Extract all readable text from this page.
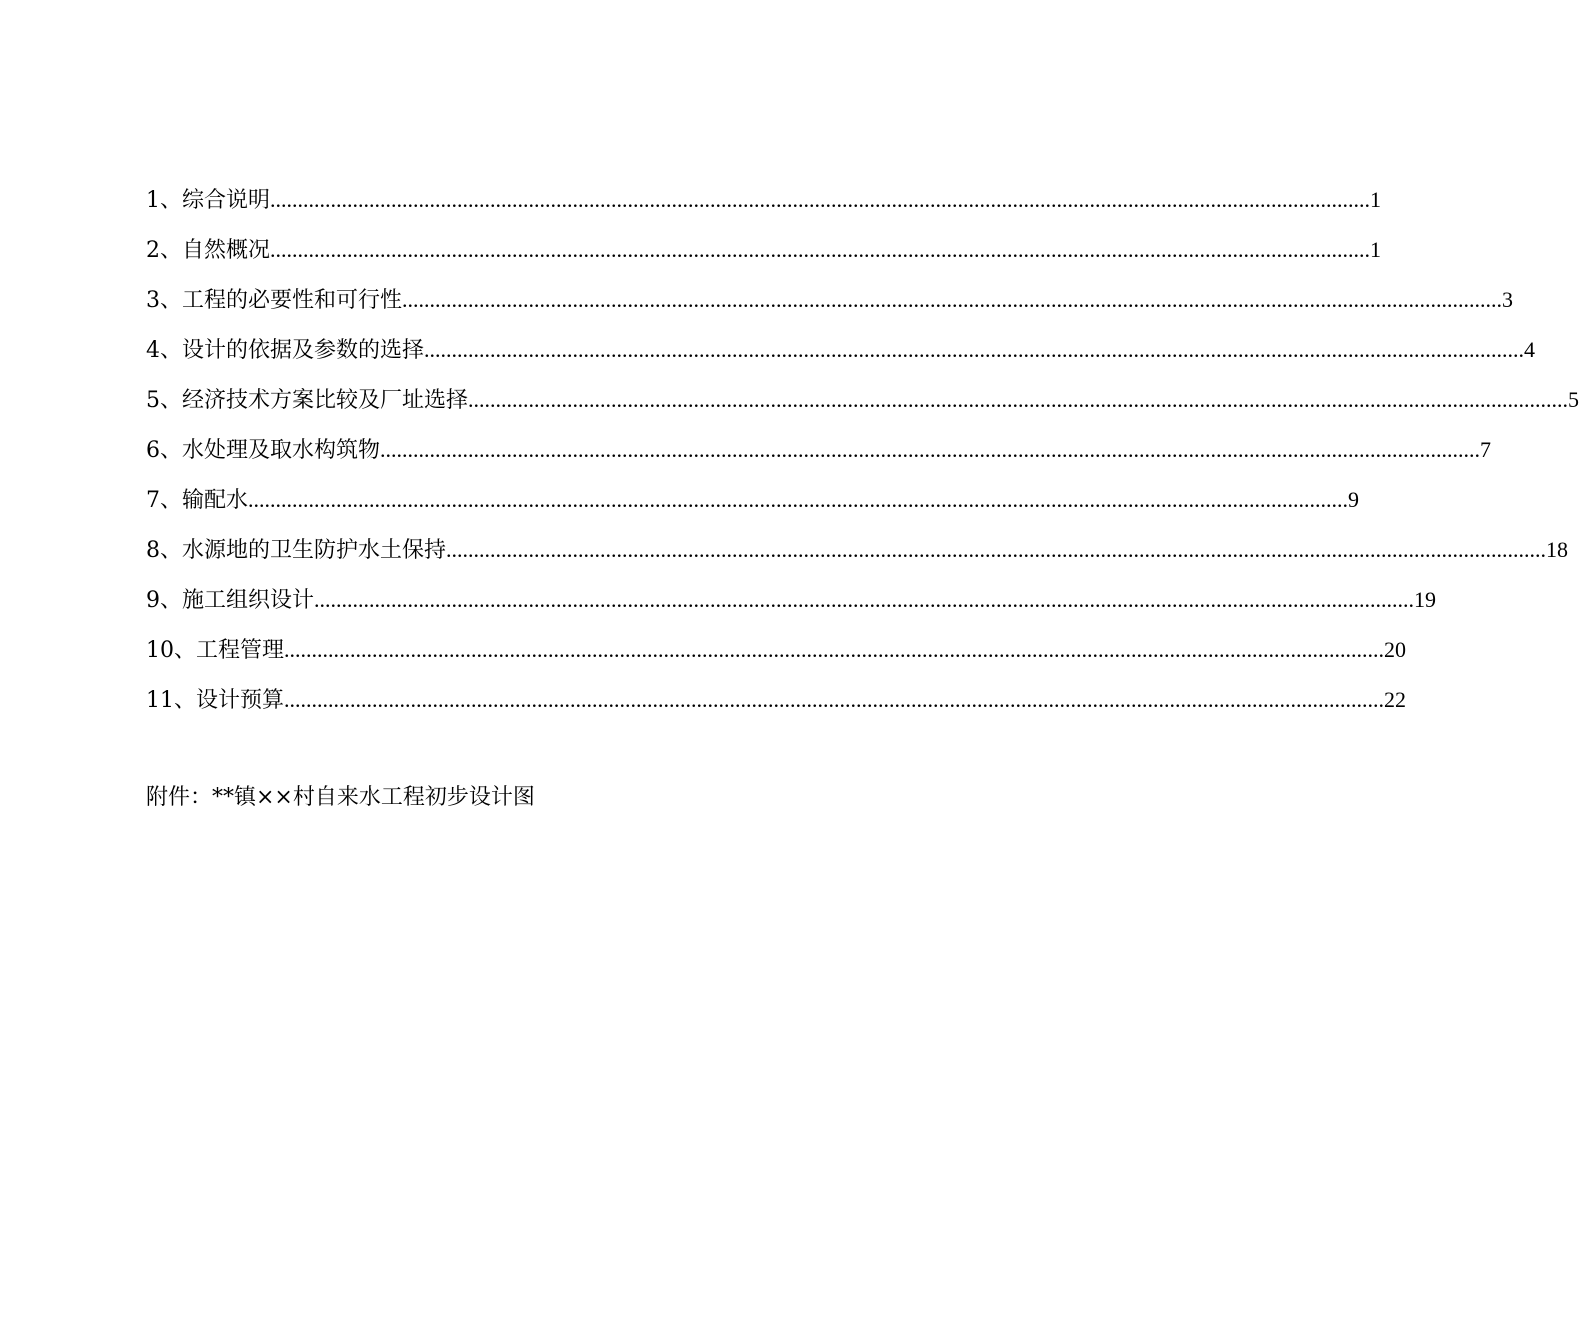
1、综合说明 ........................................................................................................................................................................................................ 1
2、自然概况 ........................................................................................................................................................................................................ 1
3、工程的必要性和可行性 ........................................................................................................................................................................................................ 3
4、设计的依据及参数的选择 ........................................................................................................................................................................................................ 4
5、经济技术方案比较及厂址选择 ........................................................................................................................................................................................................ 5
6、水处理及取水构筑物 ........................................................................................................................................................................................................ 7
7、输配水 ........................................................................................................................................................................................................ 9
8、水源地的卫生防护水土保持 ........................................................................................................................................................................................................ 18
9、施工组织设计 ........................................................................................................................................................................................................ 19
10、工程管理 ........................................................................................................................................................................................................ 20
11、设计预算 ........................................................................................................................................................................................................ 22
附件：**镇××村自来水工程初步设计图
